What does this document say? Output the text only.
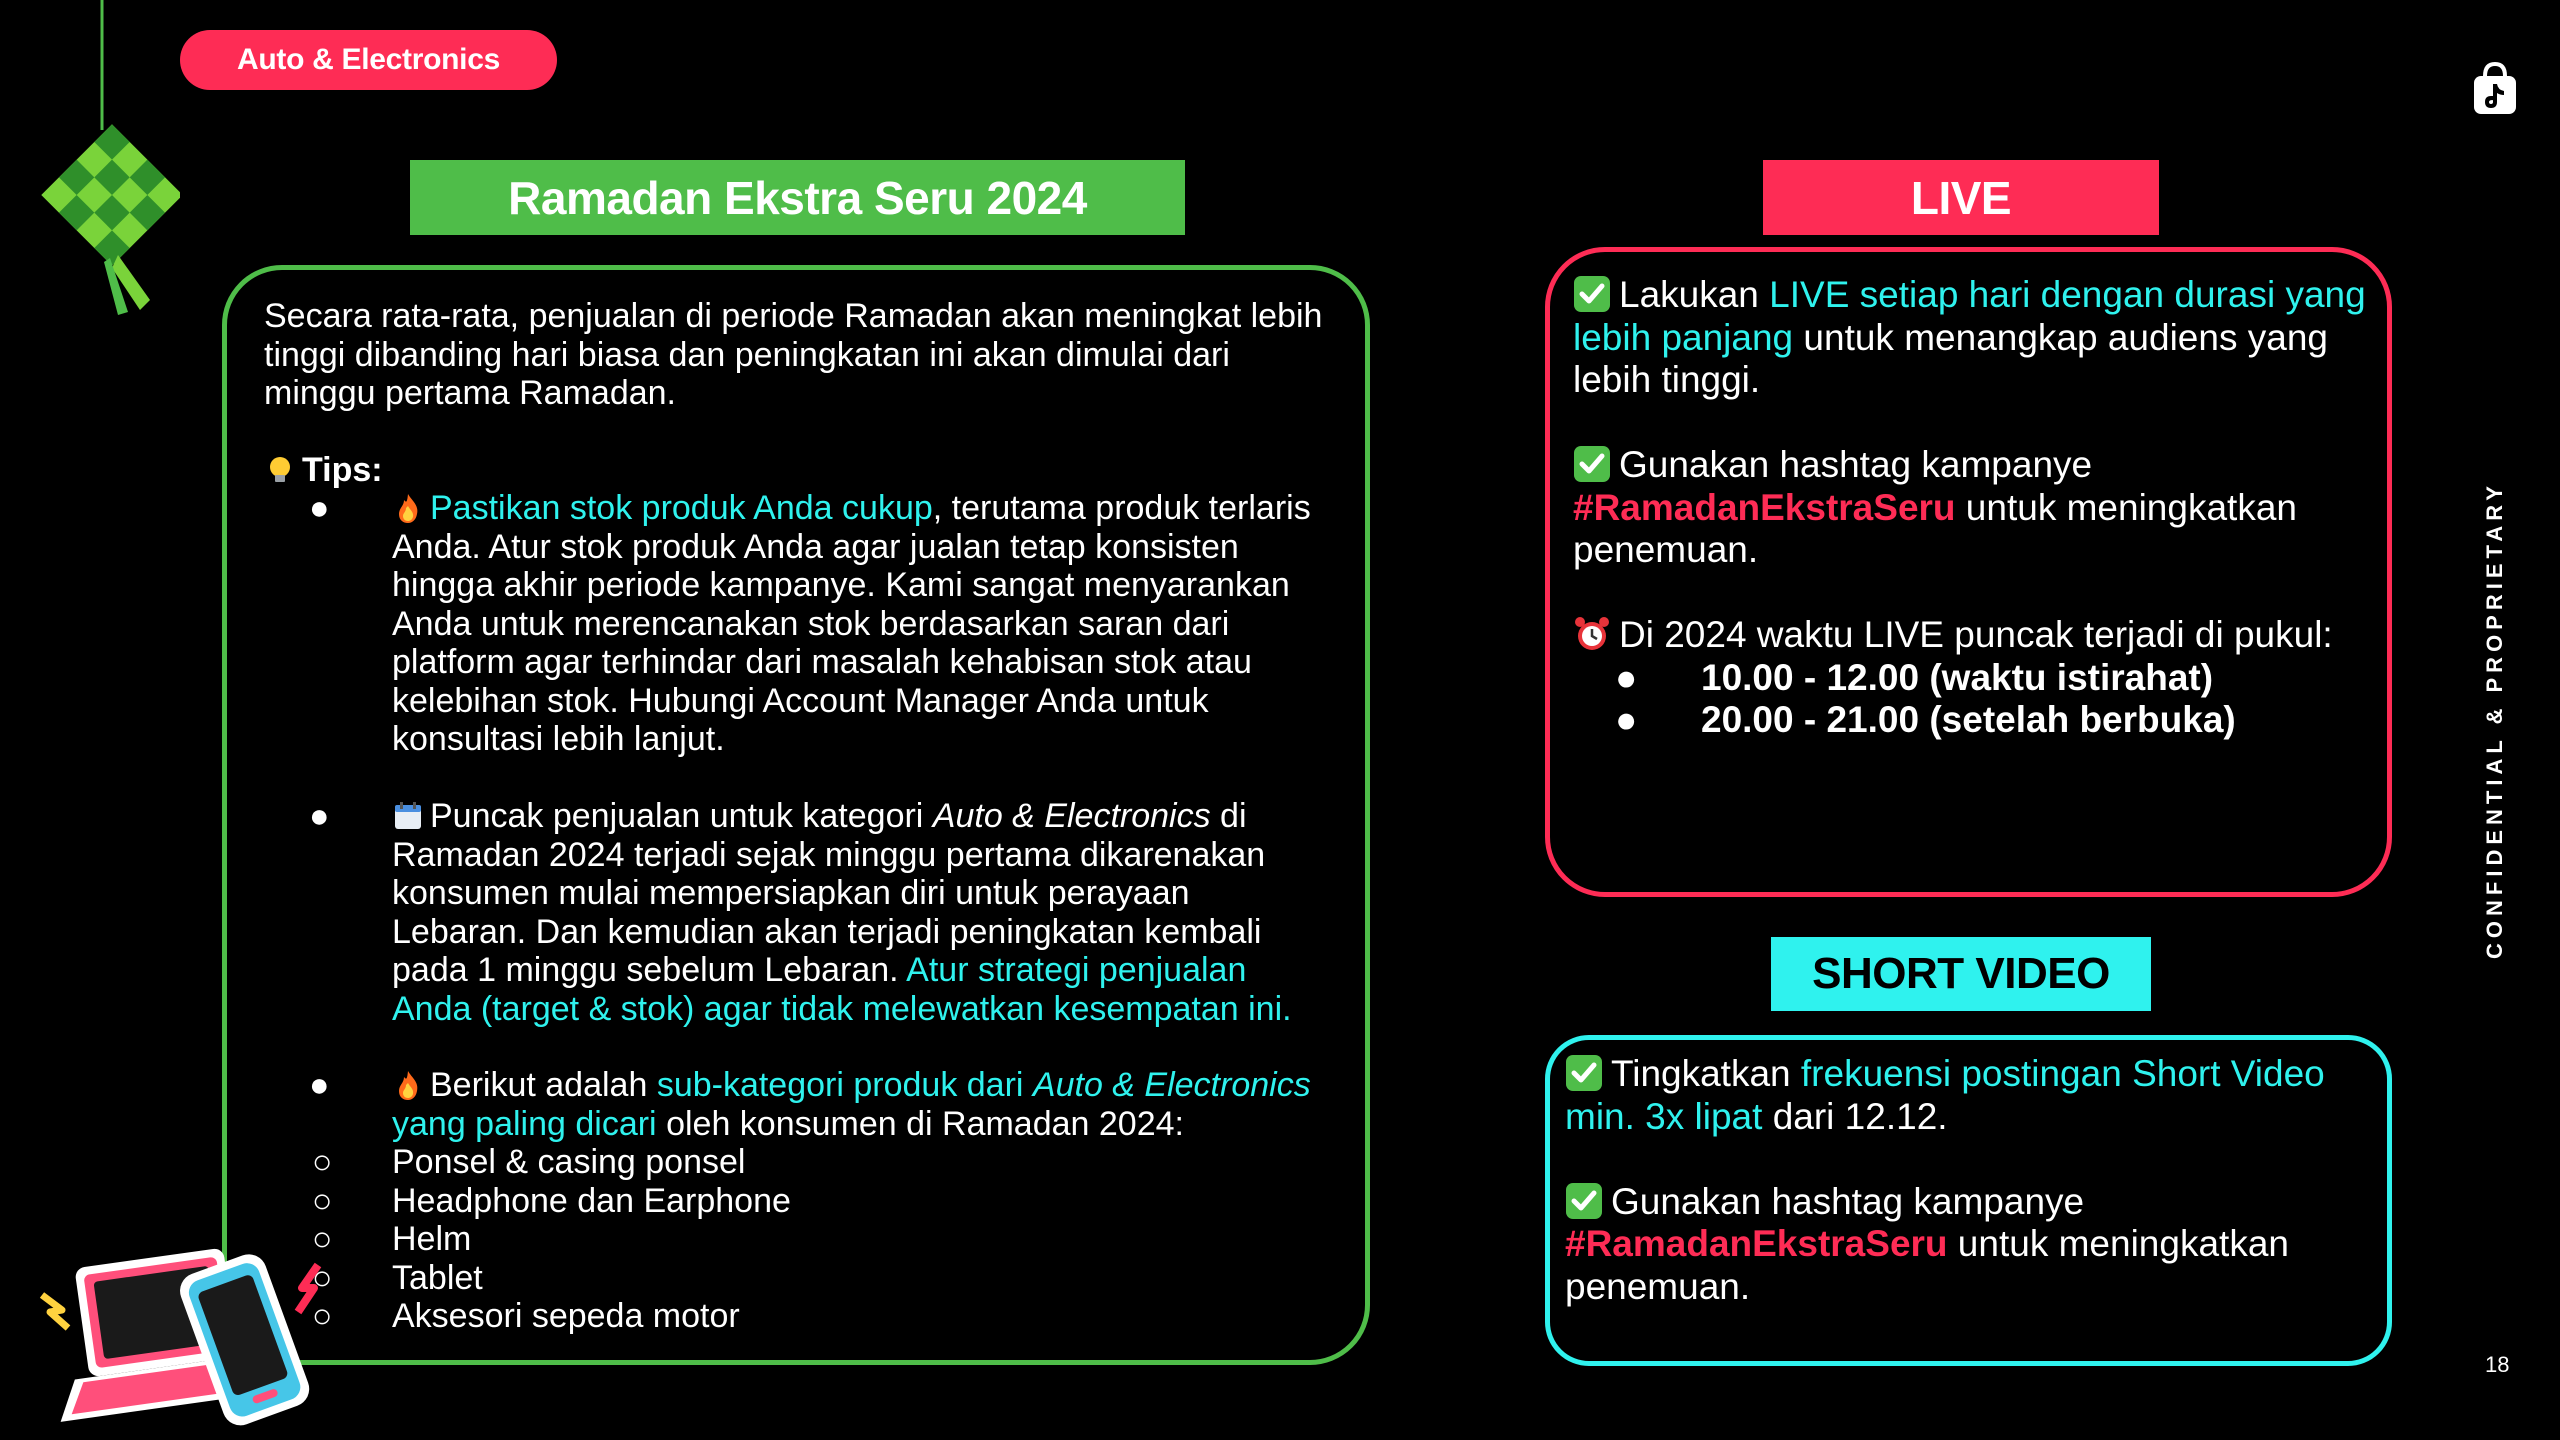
Auto & Electronics
Ramadan Ekstra Seru 2024
Secara rata-rata, penjualan di periode Ramadan akan meningkat lebih tinggi dibanding hari biasa dan peningkatan ini akan dimulai dari minggu pertama Ramadan.
Tips:
●	Pastikan stok produk Anda cukup, terutama produk terlaris Anda. Atur stok produk Anda agar jualan tetap konsisten hingga akhir periode kampanye. Kami sangat menyarankan Anda untuk merencanakan stok berdasarkan saran dari platform agar terhindar dari masalah kehabisan stok atau kelebihan stok. Hubungi Account Manager Anda untuk konsultasi lebih lanjut.
●	Puncak penjualan untuk kategori Auto & Electronics di Ramadan 2024 terjadi sejak minggu pertama dikarenakan konsumen mulai mempersiapkan diri untuk perayaan Lebaran. Dan kemudian akan terjadi peningkatan kembali pada 1 minggu sebelum Lebaran. Atur strategi penjualan Anda (target & stok) agar tidak melewatkan kesempatan ini.
●	Berikut adalah sub-kategori produk dari Auto & Electronics yang paling dicari oleh konsumen di Ramadan 2024:
○ Ponsel & casing ponsel
○ Headphone dan Earphone
○ Helm
○ Tablet
○ Aksesori sepeda motor
LIVE

Lakukan LIVE setiap hari dengan durasi yang lebih panjang untuk menangkap audiens yang lebih tinggi.

Gunakan hashtag kampanye
#RamadanEkstraSeru untuk meningkatkan penemuan.

Di 2024 waktu LIVE puncak terjadi di pukul:

● 10.00 - 12.00 (waktu istirahat)
● 20.00 - 21.00 (setelah berbuka)
SHORT VIDEO

Tingkatkan frekuensi postingan Short Video min. 3x lipat dari 12.12.

Gunakan hashtag kampanye
#RamadanEkstraSeru untuk meningkatkan penemuan.

CONFIDENTIAL & PROPRIETARY
18
